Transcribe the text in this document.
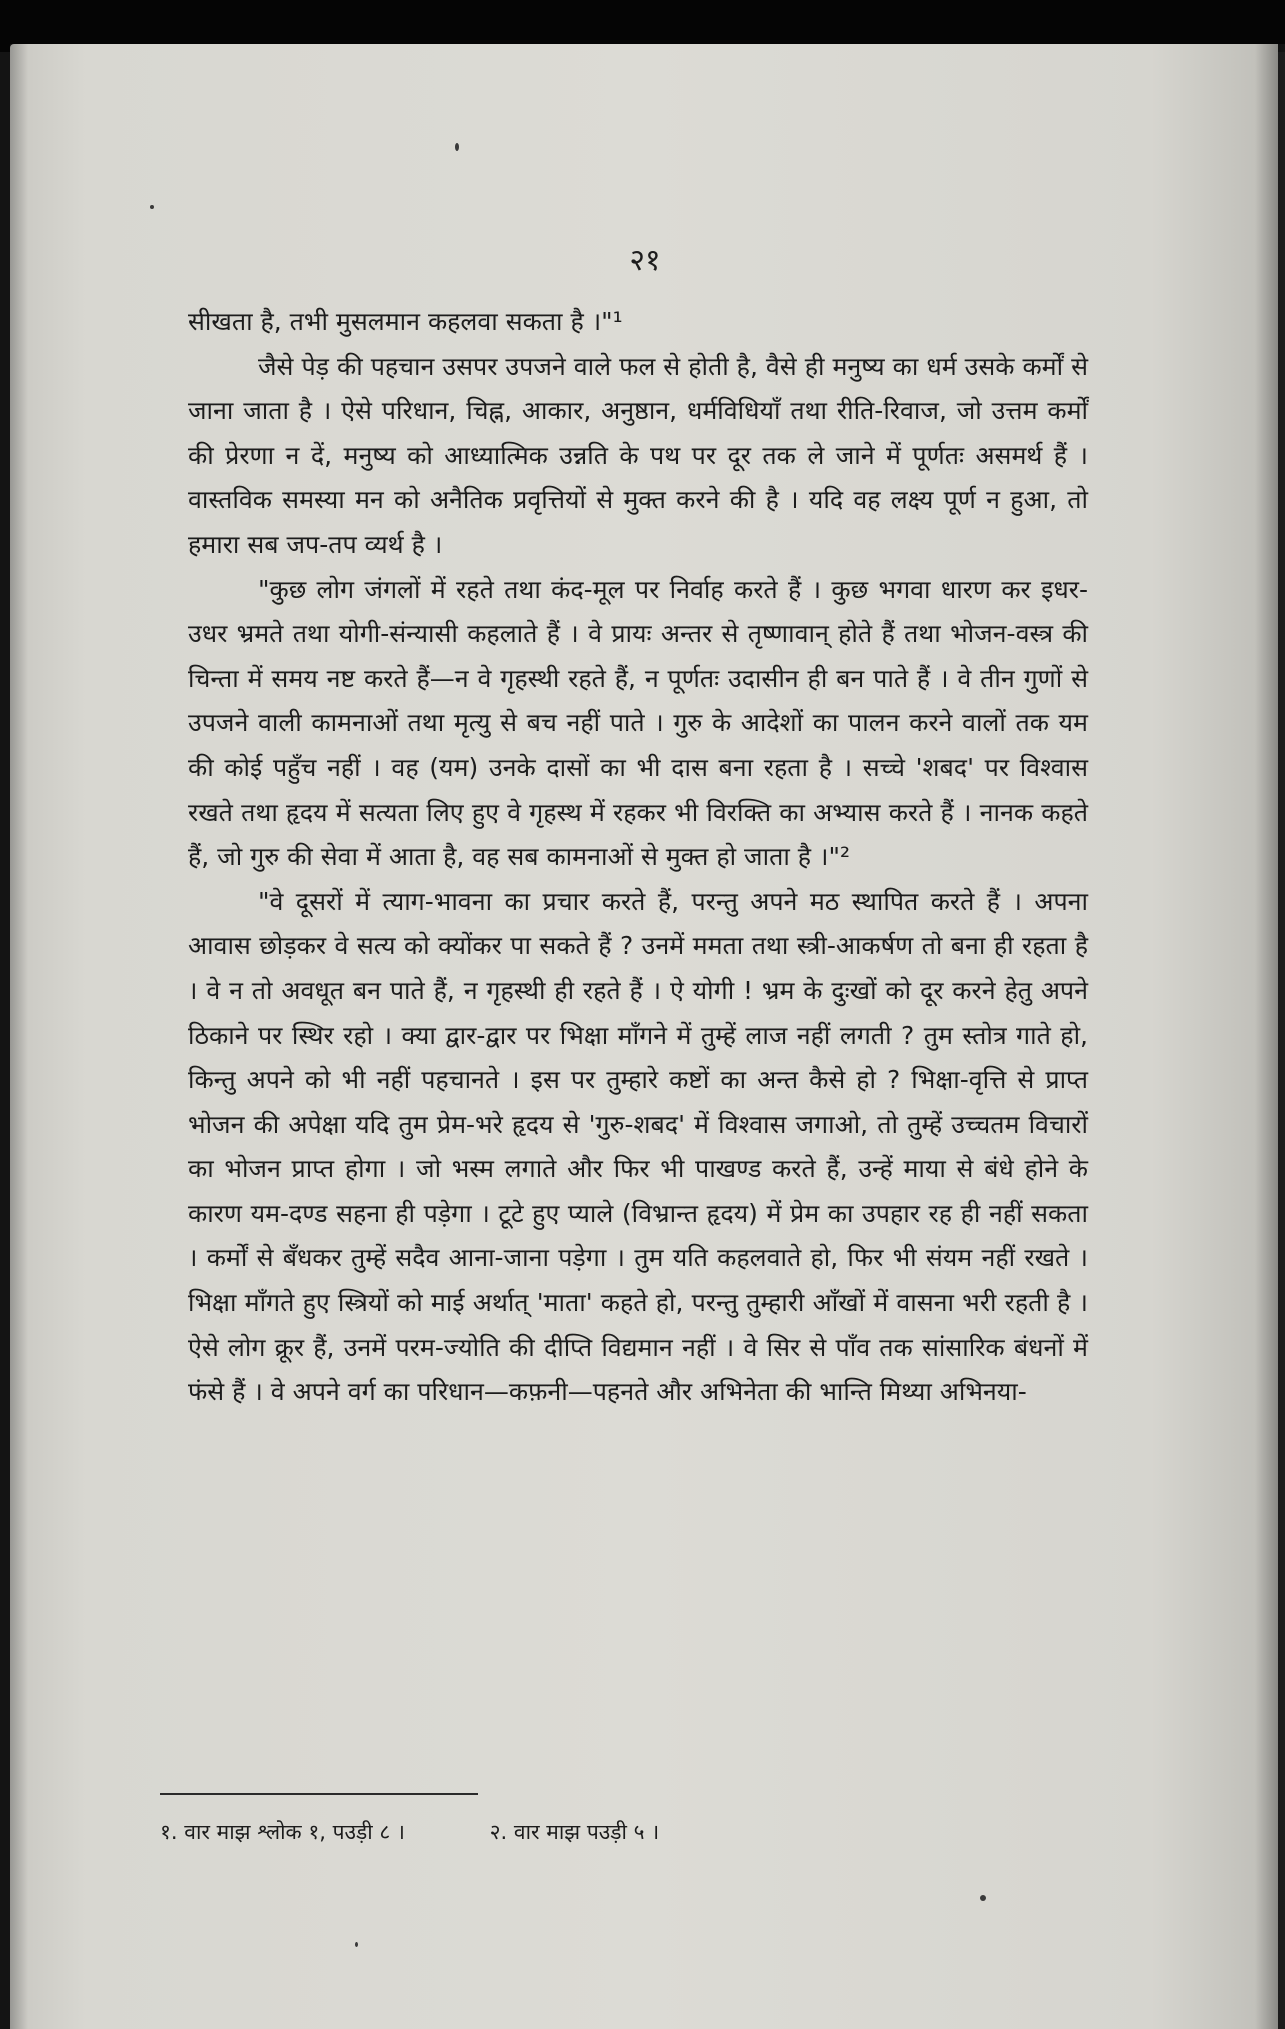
२१

सीखता है, तभी मुसलमान कहलवा सकता है ।"¹

जैसे पेड़ की पहचान उसपर उपजने वाले फल से होती है, वैसे ही मनुष्य का धर्म उसके कर्मों से जाना जाता है । ऐसे परिधान, चिह्न, आकार, अनुष्ठान, धर्मविधियाँ तथा रीति-रिवाज, जो उत्तम कर्मों की प्रेरणा न दें, मनुष्य को आध्यात्मिक उन्नति के पथ पर दूर तक ले जाने में पूर्णतः असमर्थ हैं । वास्तविक समस्या मन को अनैतिक प्रवृत्तियों से मुक्त करने की है । यदि वह लक्ष्य पूर्ण न हुआ, तो हमारा सब जप-तप व्यर्थ है ।

"कुछ लोग जंगलों में रहते तथा कंद-मूल पर निर्वाह करते हैं । कुछ भगवा धारण कर इधर-उधर भ्रमते तथा योगी-संन्यासी कहलाते हैं । वे प्रायः अन्तर से तृष्णावान् होते हैं तथा भोजन-वस्त्र की चिन्ता में समय नष्ट करते हैं—न वे गृहस्थी रहते हैं, न पूर्णतः उदासीन ही बन पाते हैं । वे तीन गुणों से उपजने वाली कामनाओं तथा मृत्यु से बच नहीं पाते । गुरु के आदेशों का पालन करने वालों तक यम की कोई पहुँच नहीं । वह (यम) उनके दासों का भी दास बना रहता है । सच्चे 'शबद' पर विश्वास रखते तथा हृदय में सत्यता लिए हुए वे गृहस्थ में रहकर भी विरक्ति का अभ्यास करते हैं । नानक कहते हैं, जो गुरु की सेवा में आता है, वह सब कामनाओं से मुक्त हो जाता है ।"²

"वे दूसरों में त्याग-भावना का प्रचार करते हैं, परन्तु अपने मठ स्थापित करते हैं । अपना आवास छोड़कर वे सत्य को क्योंकर पा सकते हैं ? उनमें ममता तथा स्त्री-आकर्षण तो बना ही रहता है । वे न तो अवधूत बन पाते हैं, न गृहस्थी ही रहते हैं । ऐ योगी ! भ्रम के दुःखों को दूर करने हेतु अपने ठिकाने पर स्थिर रहो । क्या द्वार-द्वार पर भिक्षा माँगने में तुम्हें लाज नहीं लगती ? तुम स्तोत्र गाते हो, किन्तु अपने को भी नहीं पहचानते । इस पर तुम्हारे कष्टों का अन्त कैसे हो ? भिक्षा-वृत्ति से प्राप्त भोजन की अपेक्षा यदि तुम प्रेम-भरे हृदय से 'गुरु-शबद' में विश्वास जगाओ, तो तुम्हें उच्चतम विचारों का भोजन प्राप्त होगा । जो भस्म लगाते और फिर भी पाखण्ड करते हैं, उन्हें माया से बंधे होने के कारण यम-दण्ड सहना ही पड़ेगा । टूटे हुए प्याले (विभ्रान्त हृदय) में प्रेम का उपहार रह ही नहीं सकता । कर्मों से बँधकर तुम्हें सदैव आना-जाना पड़ेगा । तुम यति कहलवाते हो, फिर भी संयम नहीं रखते । भिक्षा माँगते हुए स्त्रियों को माई अर्थात् 'माता' कहते हो, परन्तु तुम्हारी आँखों में वासना भरी रहती है । ऐसे लोग क्रूर हैं, उनमें परम-ज्योति की दीप्ति विद्यमान नहीं । वे सिर से पाँव तक सांसारिक बंधनों में फंसे हैं । वे अपने वर्ग का परिधान—कफ़नी—पहनते और अभिनेता की भान्ति मिथ्या अभिनया-

१. वार माझ श्लोक १, पउड़ी ८ ।	२. वार माझ पउड़ी ५ ।
